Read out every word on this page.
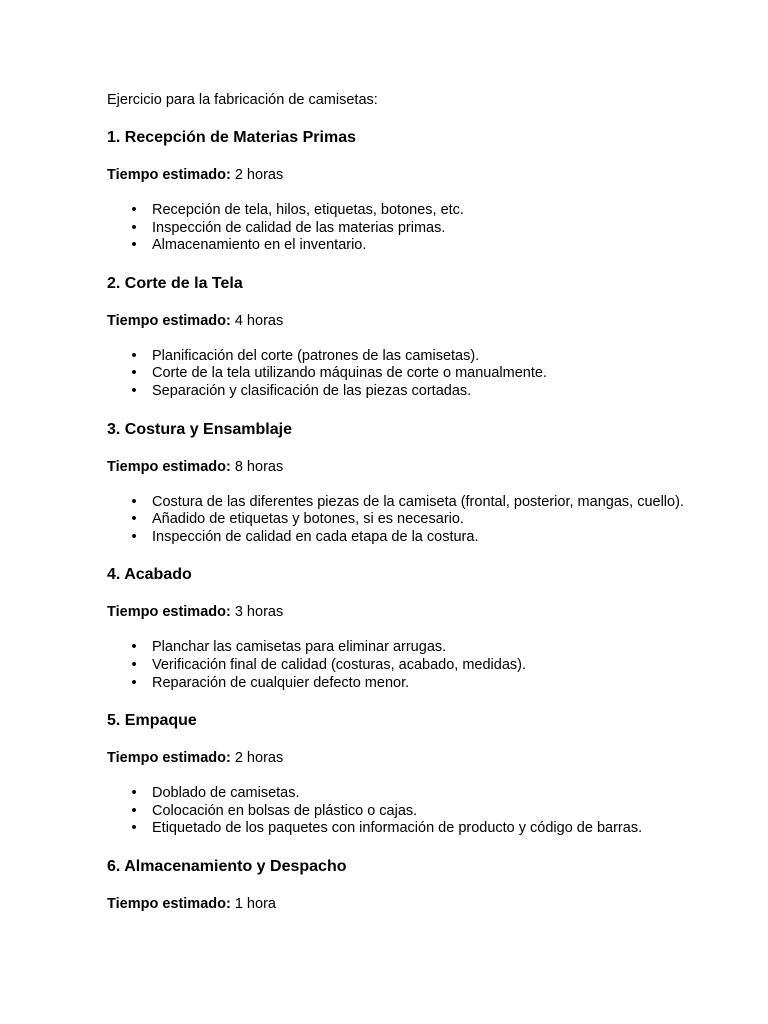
Ejercicio para la fabricación de camisetas:

1. Recepción de Materias Primas

Tiempo estimado: 2 horas

• Recepción de tela, hilos, etiquetas, botones, etc.
• Inspección de calidad de las materias primas.
• Almacenamiento en el inventario.
2. Corte de la Tela

Tiempo estimado: 4 horas

• Planificación del corte (patrones de las camisetas).
• Corte de la tela utilizando máquinas de corte o manualmente.
• Separación y clasificación de las piezas cortadas.
3. Costura y Ensamblaje

Tiempo estimado: 8 horas

• Costura de las diferentes piezas de la camiseta (frontal, posterior, mangas, cuello).
• Añadido de etiquetas y botones, si es necesario.
• Inspección de calidad en cada etapa de la costura.
4. Acabado

Tiempo estimado: 3 horas

• Planchar las camisetas para eliminar arrugas.
• Verificación final de calidad (costuras, acabado, medidas).
• Reparación de cualquier defecto menor.
5. Empaque

Tiempo estimado: 2 horas

• Doblado de camisetas.
• Colocación en bolsas de plástico o cajas.
• Etiquetado de los paquetes con información de producto y código de barras.
6. Almacenamiento y Despacho

Tiempo estimado: 1 hora
